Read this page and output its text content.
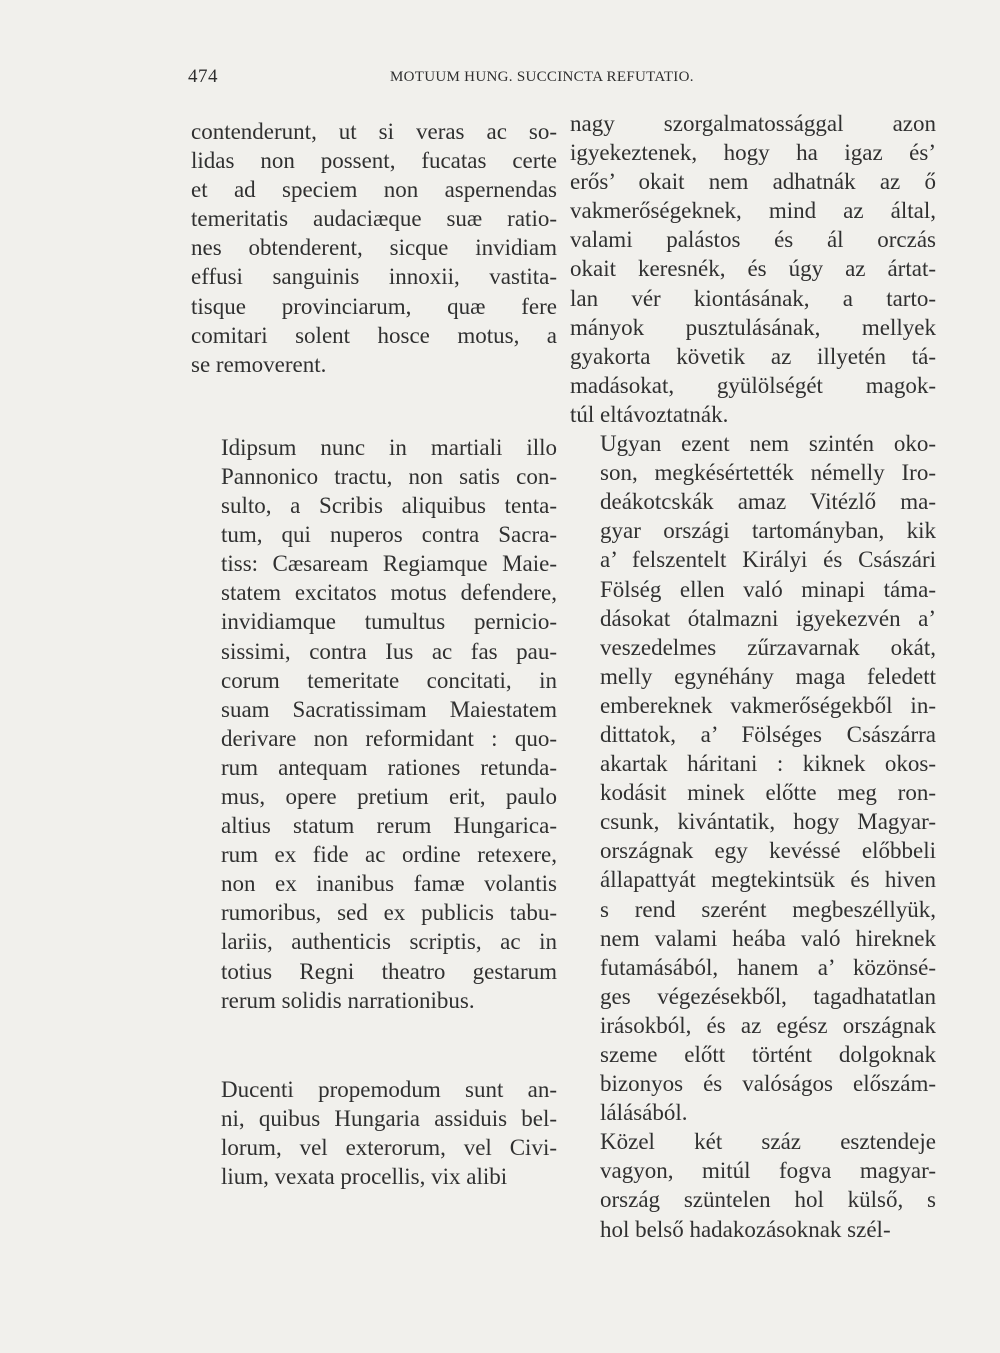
474	MOTUUM HUNG. SUCCINCTA REFUTATIO.

contenderunt, ut si veras ac so-
lidas non possent, fucatas certe
et ad speciem non aspernendas
temeritatis audaciæque suæ ratio-
nes obtenderent, sicque invidiam
effusi sanguinis innoxii, vastita-
tisque provinciarum, quæ fere
comitari solent hosce motus, a
se removerent.

Idipsum nunc in martiali illo
Pannonico tractu, non satis con-
sulto, a Scribis aliquibus tenta-
tum, qui nuperos contra Sacra-
tiss: Cæsaream Regiamque Maie-
statem excitatos motus defendere,
invidiamque tumultus pernicio-
sissimi, contra Ius ac fas pau-
corum temeritate concitati, in
suam Sacratissimam Maiestatem
derivare non reformidant : quo-
rum antequam rationes retunda-
mus, opere pretium erit, paulo
altius statum rerum Hungarica-
rum ex fide ac ordine retexere,
non ex inanibus famæ volantis
rumoribus, sed ex publicis tabu-
lariis, authenticis scriptis, ac in
totius Regni theatro gestarum
rerum solidis narrationibus.

Ducenti propemodum sunt an-
ni, quibus Hungaria assiduis bel-
lorum, vel exterorum, vel Civi-
lium, vexata procellis, vix alibi

nagy szorgalmatossággal azon
igyekeztenek, hogy ha igaz és’
erős’ okait nem adhatnák az ő
vakmerőségeknek, mind az által,
valami palástos és ál orczás
okait keresnék, és úgy az ártat-
lan vér kiontásának, a tarto-
mányok pusztulásának, mellyek
gyakorta követik az illyetén tá-
madásokat, gyülölségét magok-
túl eltávoztatnák.

Ugyan ezent nem szintén oko-
son, megkésértették némelly Iro-
deákotcskák amaz Vitézlő ma-
gyar országi tartományban, kik
a’ felszentelt Királyi és Császári
Fölség ellen való minapi táma-
dásokat ótalmazni igyekezvén a’
veszedelmes zűrzavarnak okát,
melly egynéhány maga feledett
embereknek vakmerőségekből in-
dittatok, a’ Fölséges Császárra
akartak háritani : kiknek okos-
kodásit minek előtte meg ron-
csunk, kivántatik, hogy Magyar-
országnak egy kevéssé előbbeli
állapattyát megtekintsük és hiven
s rend szerént megbeszéllyük,
nem valami heába való hireknek
futamásából, hanem a’ közönsé-
ges végezésekből, tagadhatatlan
irásokból, és az egész országnak
szeme előtt történt dolgoknak
bizonyos és valóságos előszám-
lálásából.

Közel két száz esztendeje
vagyon, mitúl fogva magyar-
ország szüntelen hol külső, s
hol belső hadakozásoknak szél-
